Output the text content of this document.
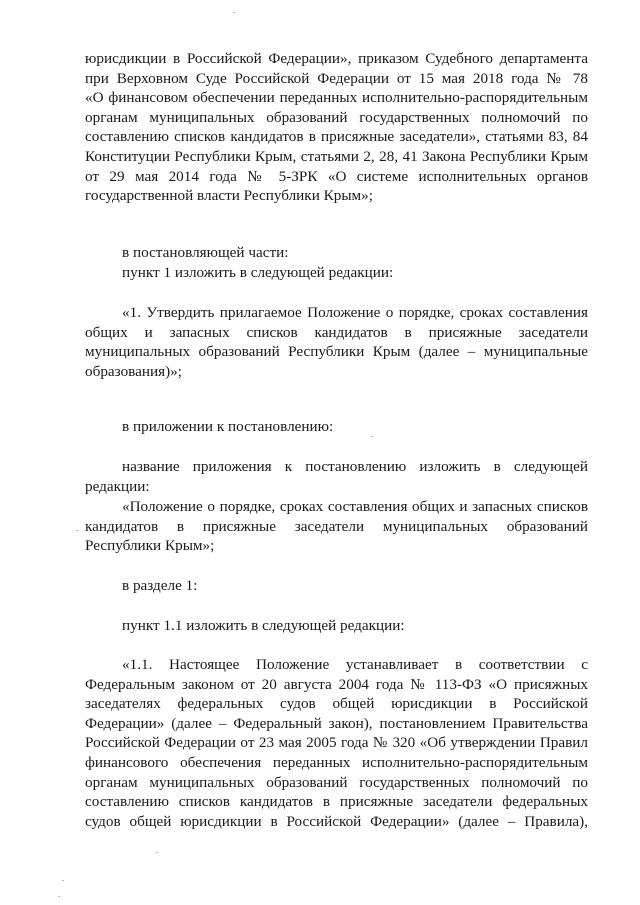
юрисдикции в Российской Федерации», приказом Судебного департамента
при Верховном Суде Российской Федерации от 15 мая 2018 года № 78
«О финансовом обеспечении переданных исполнительно-распорядительным
органам муниципальных образований государственных полномочий по
составлению списков кандидатов в присяжные заседатели», статьями 83, 84
Конституции Республики Крым, статьями 2, 28, 41 Закона Республики Крым
от 29 мая 2014 года № 5-ЗРК «О системе исполнительных органов
государственной власти Республики Крым»;
в постановляющей части:
пункт 1 изложить в следующей редакции:
«1. Утвердить прилагаемое Положение о порядке, сроках составления
общих и запасных списков кандидатов в присяжные заседатели
муниципальных образований Республики Крым (далее – муниципальные
образования)»;
в приложении к постановлению:
название приложения к постановлению изложить в следующей
редакции:
«Положение о порядке, сроках составления общих и запасных списков
кандидатов в присяжные заседатели муниципальных образований
Республики Крым»;
в разделе 1:
пункт 1.1 изложить в следующей редакции:
«1.1. Настоящее Положение устанавливает в соответствии с
Федеральным законом от 20 августа 2004 года № 113-ФЗ «О присяжных
заседателях федеральных судов общей юрисдикции в Российской
Федерации» (далее – Федеральный закон), постановлением Правительства
Российской Федерации от 23 мая 2005 года № 320 «Об утверждении Правил
финансового обеспечения переданных исполнительно-распорядительным
органам муниципальных образований государственных полномочий по
составлению списков кандидатов в присяжные заседатели федеральных
судов общей юрисдикции в Российской Федерации» (далее – Правила),
